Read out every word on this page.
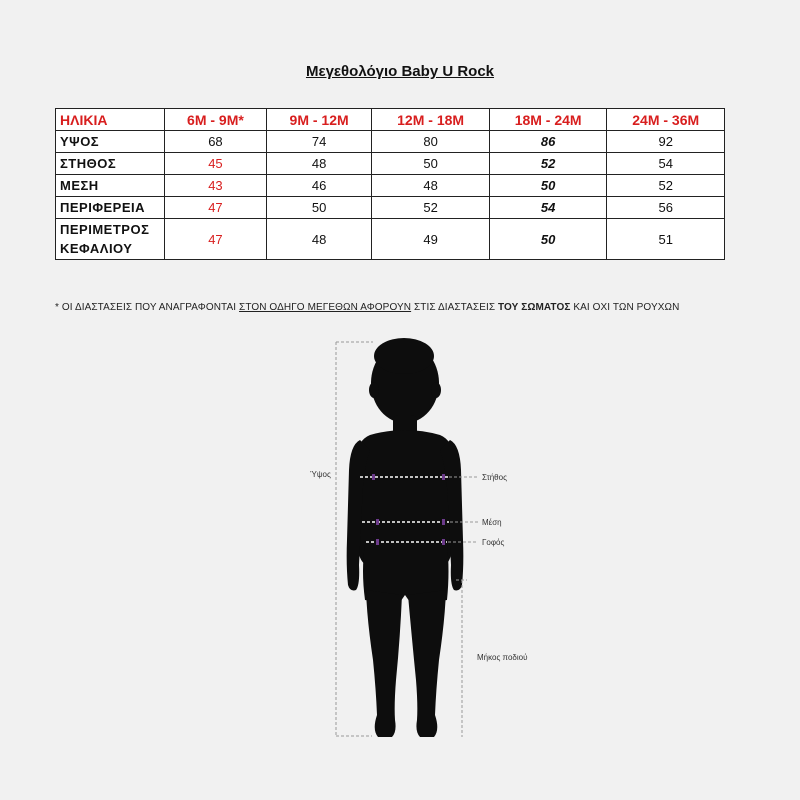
Μεγεθολόγιο Baby U Rock
ΗΛΙΚΙΑ	6M - 9M*	9M - 12M	12M - 18M	18M - 24M	24M - 36M
ΥΨΟΣ	68	74	80	86	92
ΣΤΗΘΟΣ	45	48	50	52	54
ΜΕΣΗ	43	46	48	50	52
ΠΕΡΙΦΕΡΕΙΑ	47	50	52	54	56
ΠΕΡΙΜΕΤΡΟΣ
ΚΕΦΑΛΙΟΥ	47	48	49	50	51
* ΟΙ ΔΙΑΣΤΑΣΕΙΣ ΠΟΥ ΑΝΑΓΡΑΦΟΝΤΑΙ ΣΤΟΝ ΟΔΗΓΟ ΜΕΓΕΘΩΝ ΑΦΟΡΟΥΝ ΣΤΙΣ ΔΙΑΣΤΑΣΕΙΣ ΤΟΥ ΣΩΜΑΤΟΣ ΚΑΙ ΟΧΙ ΤΩΝ ΡΟΥΧΩΝ
Ύψος	Στήθος
Μέση
Γοφός
Μήκος ποδιού
